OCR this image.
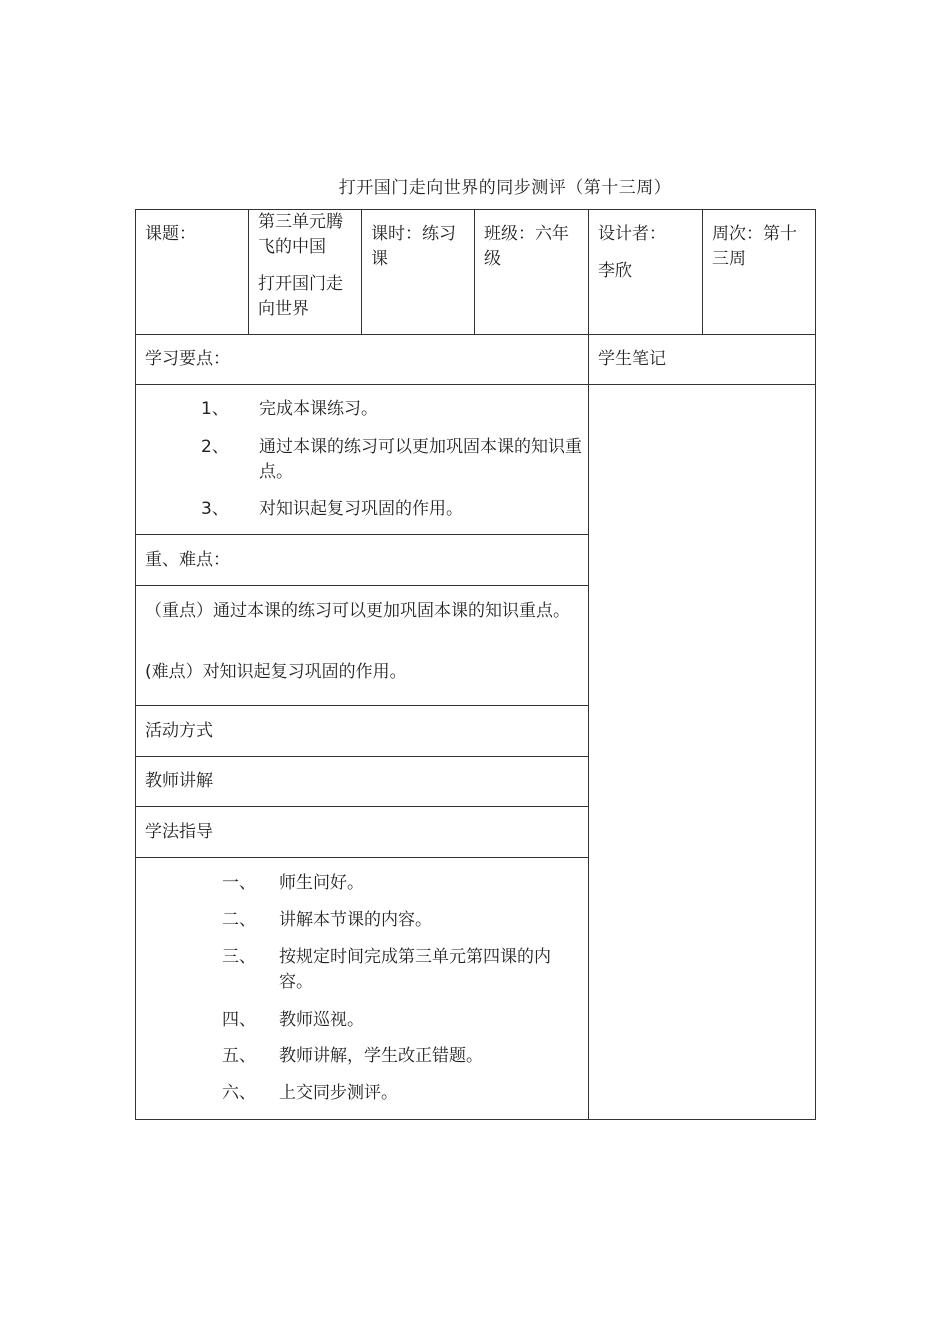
打开国门走向世界的同步测评（第十三周）
课题：
第三单元腾飞的中国
打开国门走向世界
课时：练习课
班级：六年级
设计者：
李欣
周次：第十三周
学习要点：	学生笔记
1、 完成本课练习。
2、 通过本课的练习可以更加巩固本课的知识重点。
3、 对知识起复习巩固的作用。
重、难点：
（重点）通过本课的练习可以更加巩固本课的知识重点。
(难点）对知识起复习巩固的作用。
活动方式
教师讲解
学法指导
一、 师生问好。
二、 讲解本节课的内容。
三、 按规定时间完成第三单元第四课的内容。
四、 教师巡视。
五、 教师讲解，学生改正错题。
六、 上交同步测评。
